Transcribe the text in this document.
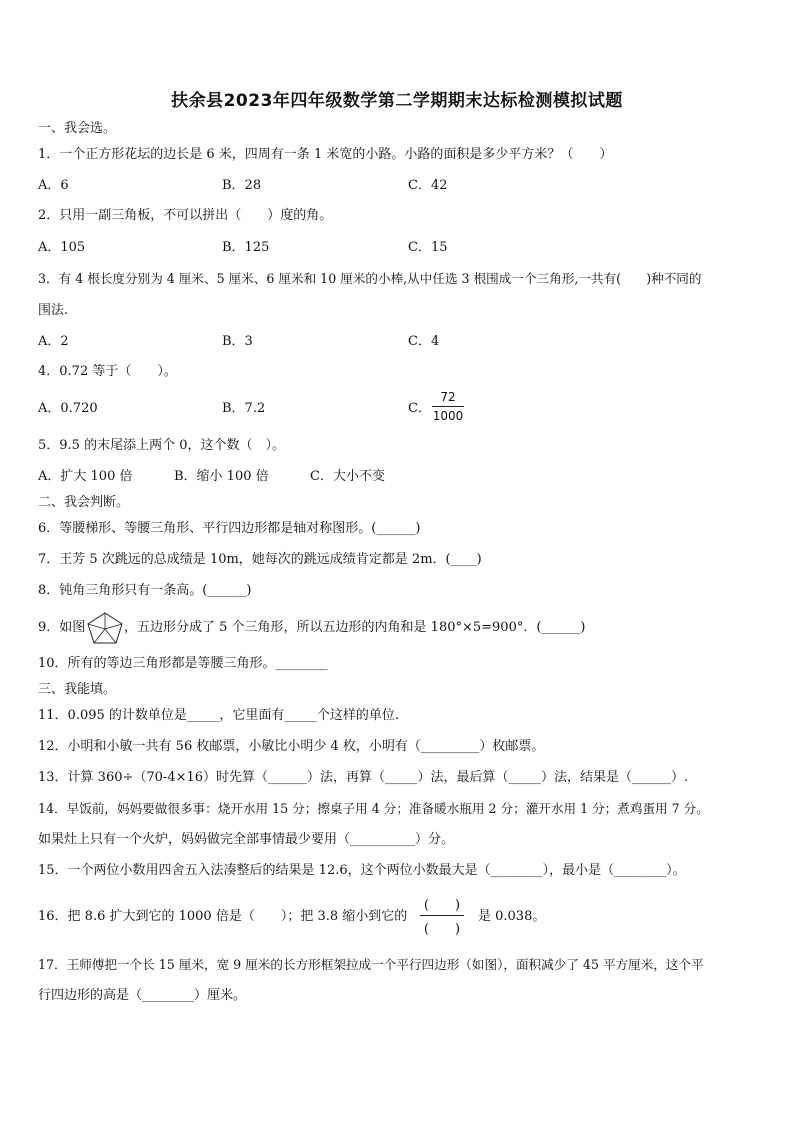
扶余县2023年四年级数学第二学期期末达标检测模拟试题
一、我会选。
1．一个正方形花坛的边长是 6 米，四周有一条 1 米宽的小路。小路的面积是多少平方米？（　　）
A．6	B．28	C．42
2．只用一副三角板，不可以拼出（　　）度的角。
A．105	B．125	C．15
3．有 4 根长度分别为 4 厘米、5 厘米、6 厘米和 10 厘米的小棒,从中任选 3 根围成一个三角形,一共有(　　)种不同的
围法.
A．2	B．3	C．4
4．0.72 等于（　　）。
A．0.720	B．7.2	C．
72
1000
5．9.5 的末尾添上两个 0，这个数（　）。
A．扩大 100 倍	B．缩小 100 倍	C．大小不变
二、我会判断。
6．等腰梯形、等腰三角形、平行四边形都是轴对称图形。(______)
7．王芳 5 次跳远的总成绩是 10m，她每次的跳远成绩肯定都是 2m．(____)
8．钝角三角形只有一条高。(______)
9．如图	，五边形分成了 5 个三角形，所以五边形的内角和是 180°×5=900°．(______)
10．所有的等边三角形都是等腰三角形。________
三、我能填。
11．0.095 的计数单位是_____，它里面有_____个这样的单位.
12．小明和小敏一共有 56 枚邮票，小敏比小明少 4 枚，小明有（_________）枚邮票。
13．计算 360÷（70-4×16）时先算（______）法，再算（_____）法，最后算（_____）法，结果是（______）.
14．早饭前，妈妈要做很多事：烧开水用 15 分；擦桌子用 4 分；准备暖水瓶用 2 分；灌开水用 1 分；煮鸡蛋用 7 分。
如果灶上只有一个火炉，妈妈做完全部事情最少要用（__________）分。
15．一个两位小数用四舍五入法凑整后的结果是 12.6，这个两位小数最大是（________），最小是（________）。
16．把 8.6 扩大到它的 1000 倍是（　　）；把 3.8 缩小到它的
(　　)
(　　)
是 0.038。
17．王师傅把一个长 15 厘米，宽 9 厘米的长方形框架拉成一个平行四边形（如图），面积减少了 45 平方厘米，这个平
行四边形的高是（________）厘米。
